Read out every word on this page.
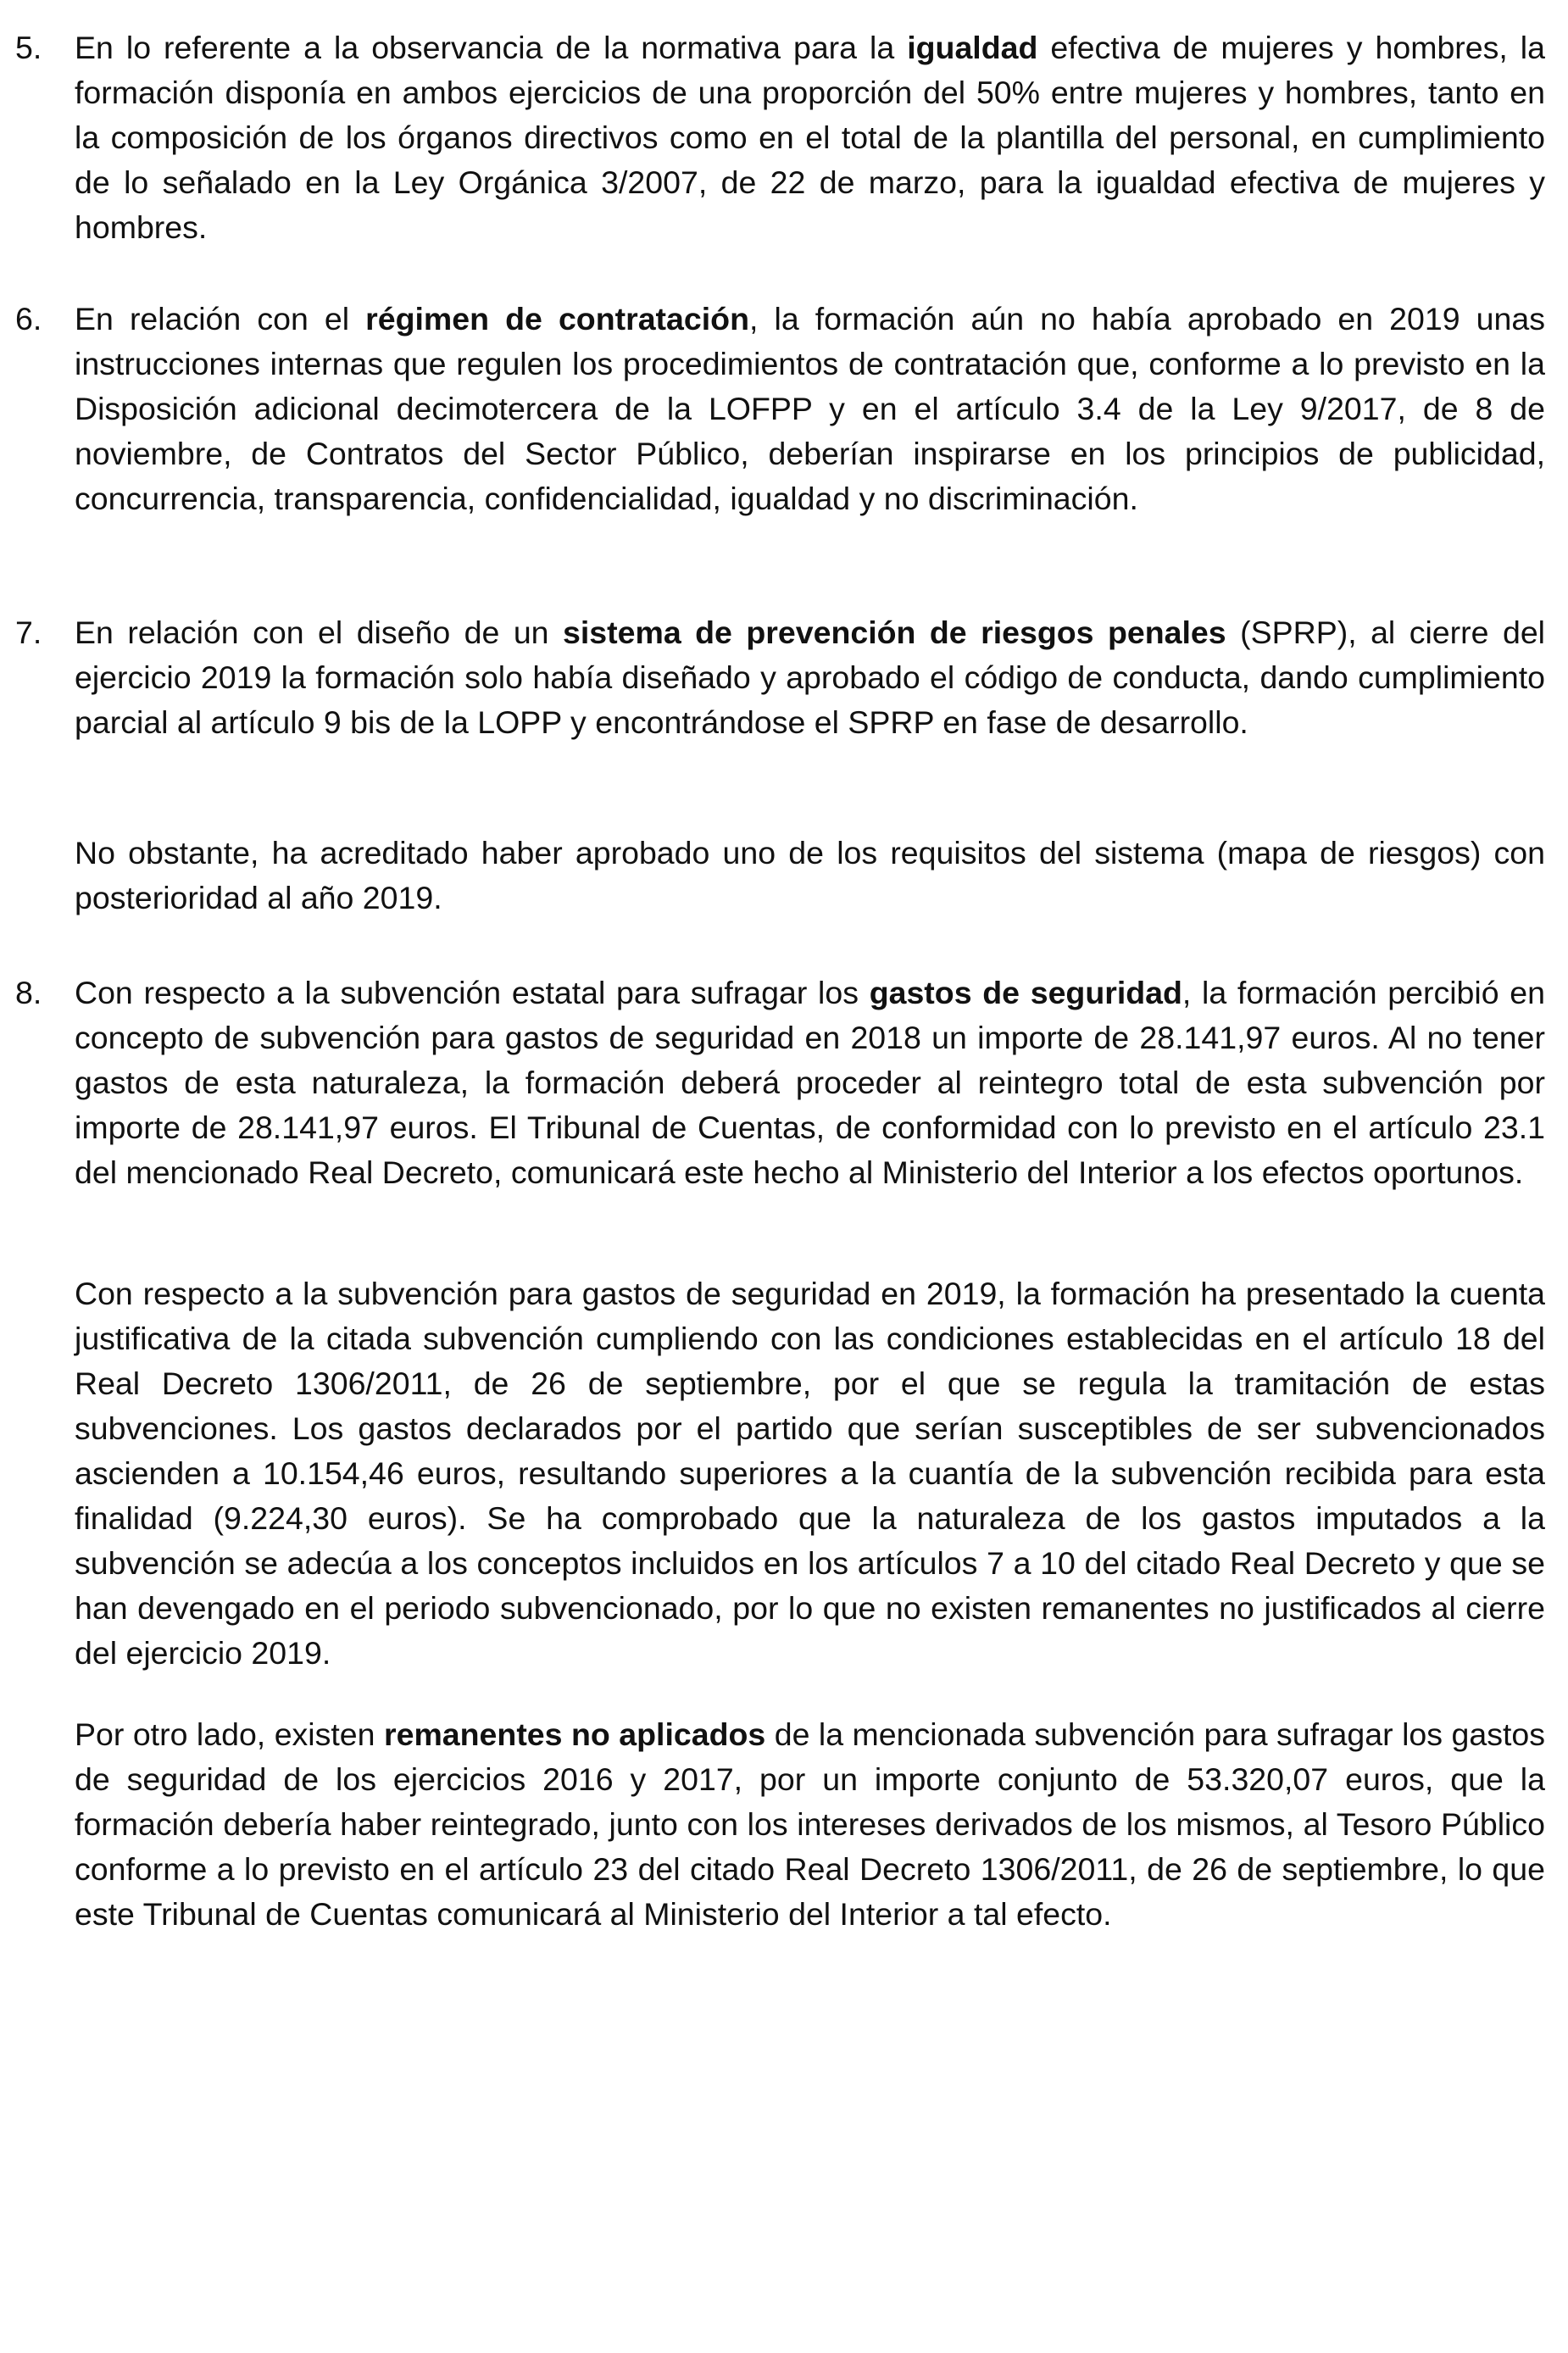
5.	En lo referente a la observancia de la normativa para la igualdad efectiva de mujeres y hombres, la formación disponía en ambos ejercicios de una proporción del 50% entre mujeres y hombres, tanto en la composición de los órganos directivos como en el total de la plantilla del personal, en cumplimiento de lo señalado en la Ley Orgánica 3/2007, de 22 de marzo, para la igualdad efectiva de mujeres y hombres.

6.	En relación con el régimen de contratación, la formación aún no había aprobado en 2019 unas instrucciones internas que regulen los procedimientos de contratación que, conforme a lo previsto en la Disposición adicional decimotercera de la LOFPP y en el artículo 3.4 de la Ley 9/2017, de 8 de noviembre, de Contratos del Sector Público, deberían inspirarse en los principios de publicidad, concurrencia, transparencia, confidencialidad, igualdad y no discriminación.

7.	En relación con el diseño de un sistema de prevención de riesgos penales (SPRP), al cierre del ejercicio 2019 la formación solo había diseñado y aprobado el código de conducta, dando cumplimiento parcial al artículo 9 bis de la LOPP y encontrándose el SPRP en fase de desarrollo.

No obstante, ha acreditado haber aprobado uno de los requisitos del sistema (mapa de riesgos) con posterioridad al año 2019.

8.	Con respecto a la subvención estatal para sufragar los gastos de seguridad, la formación percibió en concepto de subvención para gastos de seguridad en 2018 un importe de 28.141,97 euros. Al no tener gastos de esta naturaleza, la formación deberá proceder al reintegro total de esta subvención por importe de 28.141,97 euros. El Tribunal de Cuentas, de conformidad con lo previsto en el artículo 23.1 del mencionado Real Decreto, comunicará este hecho al Ministerio del Interior a los efectos oportunos.

Con respecto a la subvención para gastos de seguridad en 2019, la formación ha presentado la cuenta justificativa de la citada subvención cumpliendo con las condiciones establecidas en el artículo 18 del Real Decreto 1306/2011, de 26 de septiembre, por el que se regula la tramitación de estas subvenciones. Los gastos declarados por el partido que serían susceptibles de ser subvencionados ascienden a 10.154,46 euros, resultando superiores a la cuantía de la subvención recibida para esta finalidad (9.224,30 euros). Se ha comprobado que la naturaleza de los gastos imputados a la subvención se adecúa a los conceptos incluidos en los artículos 7 a 10 del citado Real Decreto y que se han devengado en el periodo subvencionado, por lo que no existen remanentes no justificados al cierre del ejercicio 2019.

Por otro lado, existen remanentes no aplicados de la mencionada subvención para sufragar los gastos de seguridad de los ejercicios 2016 y 2017, por un importe conjunto de 53.320,07 euros, que la formación debería haber reintegrado, junto con los intereses derivados de los mismos, al Tesoro Público conforme a lo previsto en el artículo 23 del citado Real Decreto 1306/2011, de 26 de septiembre, lo que este Tribunal de Cuentas comunicará al Ministerio del Interior a tal efecto.
